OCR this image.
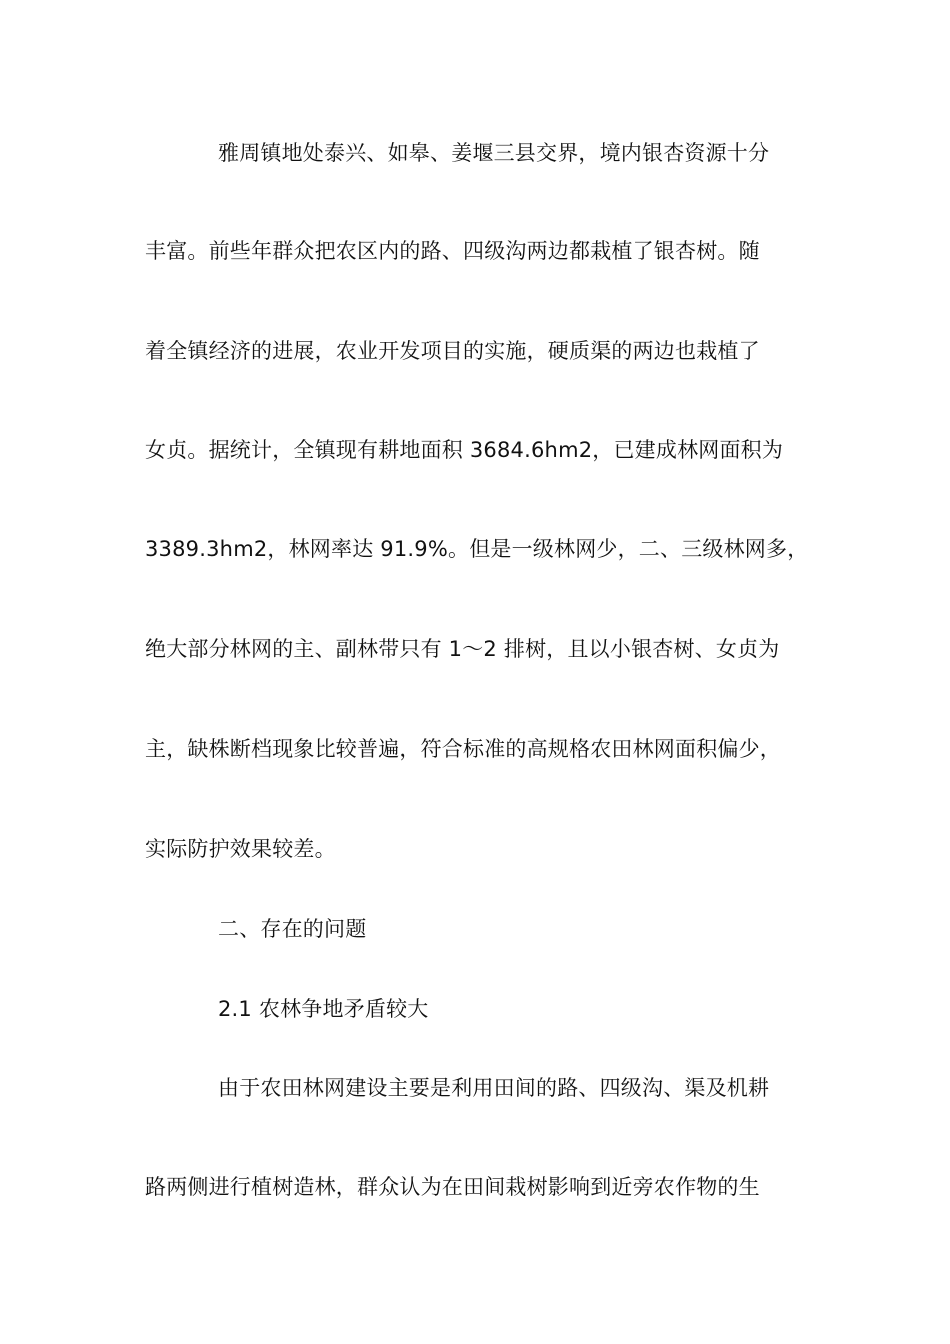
雅周镇地处泰兴、如皋、姜堰三县交界，境内银杏资源十分
丰富。前些年群众把农区内的路、四级沟两边都栽植了银杏树。随
着全镇经济的进展，农业开发项目的实施，硬质渠的两边也栽植了
女贞。据统计，全镇现有耕地面积 3684.6hm2，已建成林网面积为
3389.3hm2，林网率达 91.9%。但是一级林网少，二、三级林网多，
绝大部分林网的主、副林带只有 1～2 排树，且以小银杏树、女贞为
主，缺株断档现象比较普遍，符合标准的高规格农田林网面积偏少，
实际防护效果较差。
二、存在的问题
2.1 农林争地矛盾较大
由于农田林网建设主要是利用田间的路、四级沟、渠及机耕
路两侧进行植树造林，群众认为在田间栽树影响到近旁农作物的生
